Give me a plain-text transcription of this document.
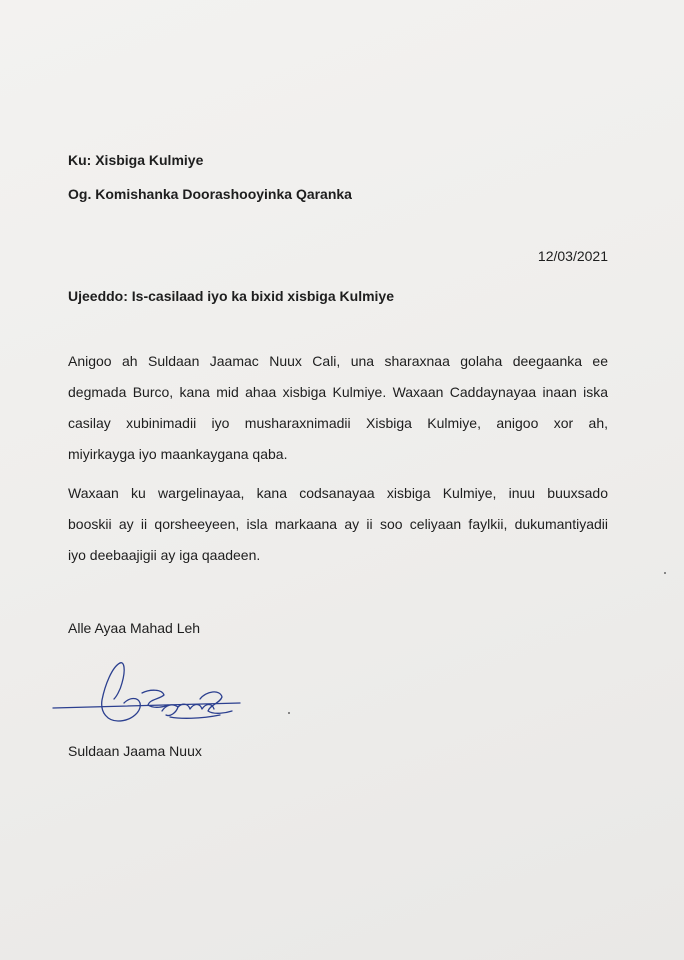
Ku: Xisbiga Kulmiye

Og. Komishanka Doorashooyinka Qaranka

12/03/2021

Ujeeddo: Is-casilaad iyo ka bixid xisbiga Kulmiye

Anigoo ah Suldaan Jaamac Nuux Cali, una sharaxnaa golaha deegaanka ee
degmada Burco, kana mid ahaa xisbiga Kulmiye. Waxaan Caddaynayaa inaan iska
casilay xubinimadii iyo musharaxnimadii Xisbiga Kulmiye, anigoo xor ah,
miyirkayga iyo maankaygana qaba.
Waxaan ku wargelinayaa, kana codsanayaa xisbiga Kulmiye, inuu buuxsado
booskii ay ii qorsheeyeen, isla markaana ay ii soo celiyaan faylkii, dukumantiyadii
iyo deebaajigii ay iga qaadeen.

Alle Ayaa Mahad Leh

Suldaan Jaama Nuux
